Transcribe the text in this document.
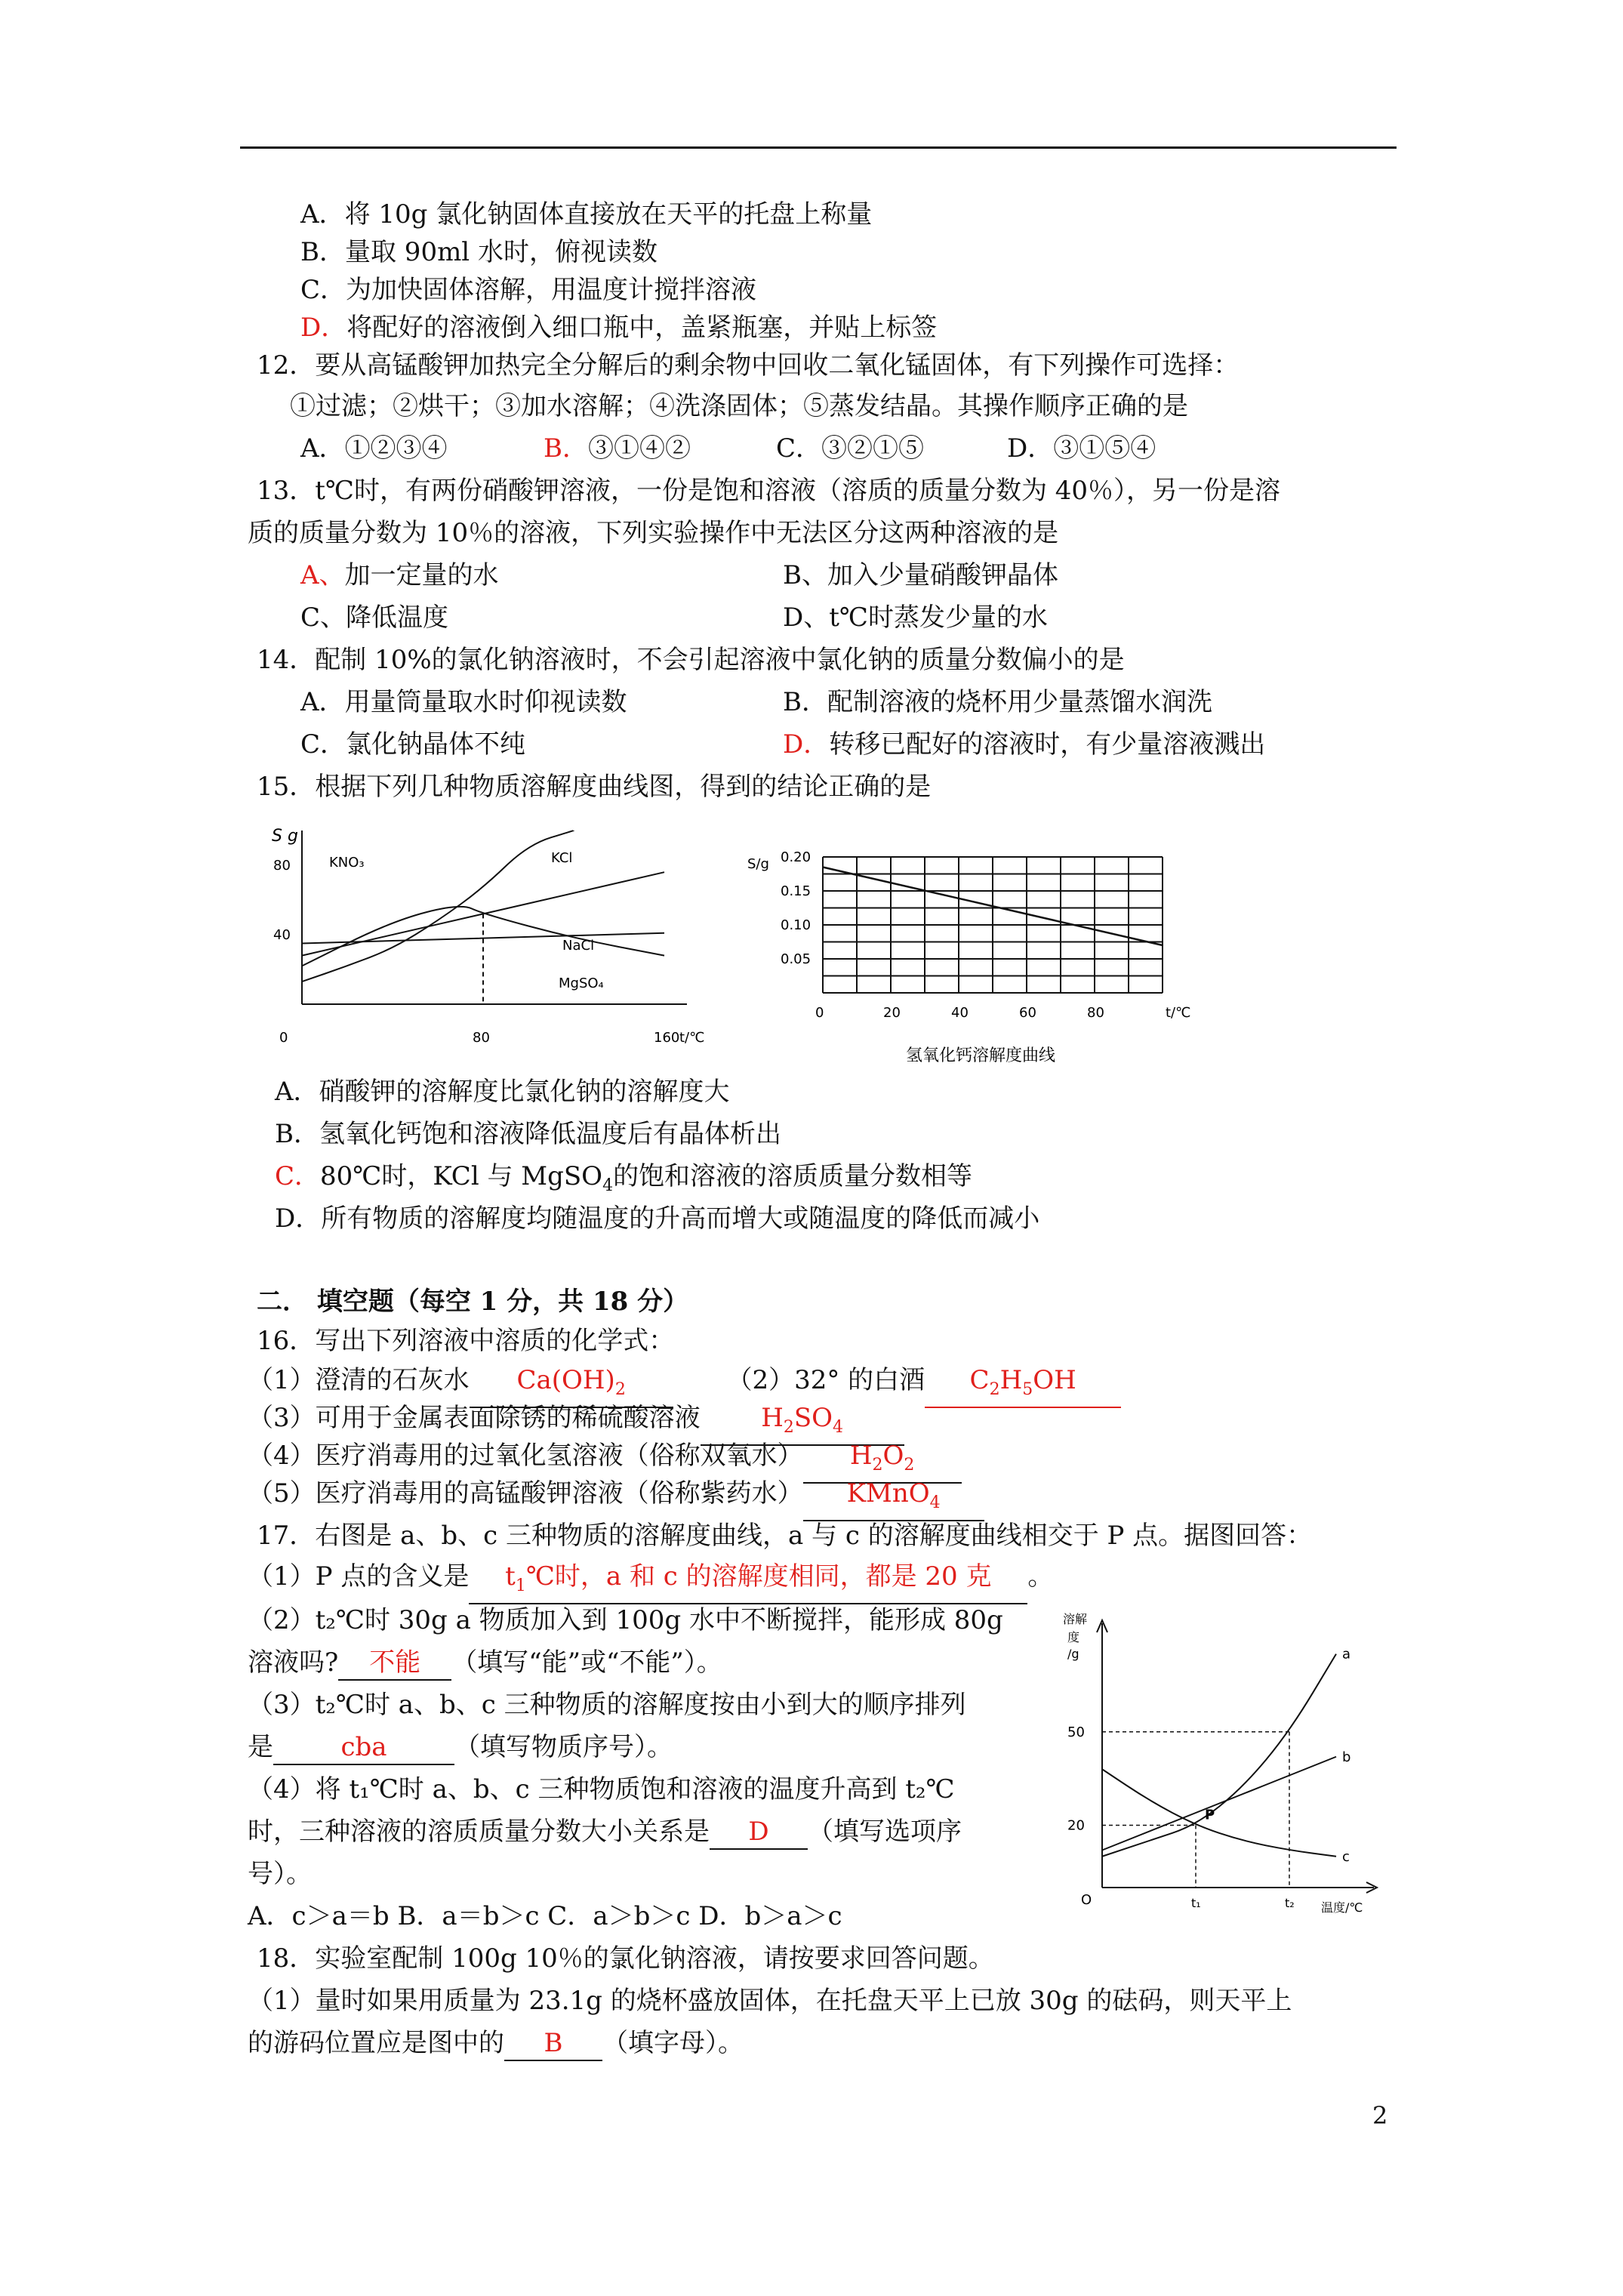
A．将 10g 氯化钠固体直接放在天平的托盘上称量
B．量取 90ml 水时，俯视读数
C．为加快固体溶解，用温度计搅拌溶液
D．将配好的溶液倒入细口瓶中，盖紧瓶塞，并贴上标签
12．要从高锰酸钾加热完全分解后的剩余物中回收二氧化锰固体，有下列操作可选择：
①过滤；②烘干；③加水溶解；④洗涤固体；⑤蒸发结晶。其操作顺序正确的是
A．①②③④	B．③①④②	C．③②①⑤	D．③①⑤④
13．t℃时，有两份硝酸钾溶液，一份是饱和溶液（溶质的质量分数为 40％），另一份是溶
质的质量分数为 10％的溶液，下列实验操作中无法区分这两种溶液的是
A、加一定量的水	B、加入少量硝酸钾晶体
C、降低温度	D、t℃时蒸发少量的水
14．配制 10%的氯化钠溶液时，不会引起溶液中氯化钠的质量分数偏小的是
A．用量筒量取水时仰视读数	B．配制溶液的烧杯用少量蒸馏水润洗
C．氯化钠晶体不纯	D．转移已配好的溶液时，有少量溶液溅出
15．根据下列几种物质溶解度曲线图，得到的结论正确的是
S g
t/℃
40
80
0	80	160
KNO₃	KCl
NaCl
MgSO₄
S/g
0.05
0.10
0.15
0.20
0	20	40	60	80	t/℃
氢氧化钙溶解度曲线
A．硝酸钾的溶解度比氯化钠的溶解度大
B．氢氧化钙饱和溶液降低温度后有晶体析出
C．80℃时，KCl 与 MgSO$_4$的饱和溶液的溶质质量分数相等
D．所有物质的溶解度均随温度的升高而增大或随温度的降低而减小
二． 填空题（每空 1 分，共 18 分）
16．写出下列溶液中溶质的化学式：
（1）澄清的石灰水 $Ca(OH)_2$	（2）32° 的白酒 $C_2H_5OH$
（3）可用于金属表面除锈的稀硫酸溶液 $H_2SO_4$
（4）医疗消毒用的过氧化氢溶液（俗称双氧水） $H_2O_2$
（5）医疗消毒用的高锰酸钾溶液（俗称紫药水） KMnO$_4$
17．右图是 a、b、c 三种物质的溶解度曲线，a 与 c 的溶解度曲线相交于 P 点。据图回答：
（1）P 点的含义是 $t_1℃$时，a 和 c 的溶解度相同，都是 20 克 。
（2）t₂℃时 30g a 物质加入到 100g 水中不断搅拌，能形成 80g
溶液吗? 不能 （填写“能”或“不能”）。
（3）t₂℃时 a、b、c 三种物质的溶解度按由小到大的顺序排列
是	cba	（填写物质序号）。
（4）将 t₁℃时 a、b、c 三种物质饱和溶液的温度升高到 t₂℃
时，三种溶液的溶质质量分数大小关系是 D （填写选项序
号）。
A．c＞a＝b B．a＝b＞c C．a＞b＞c D．b＞a＞c
溶解
度
/g
温度/℃
50
20
O	t₁	t₂
a
b
c
P
18．实验室配制 100g 10％的氯化钠溶液，请按要求回答问题。
（1）量时如果用质量为 23.1g 的烧杯盛放固体，在托盘天平上已放 30g 的砝码，则天平上
的游码位置应是图中的 B （填字母）。
2
